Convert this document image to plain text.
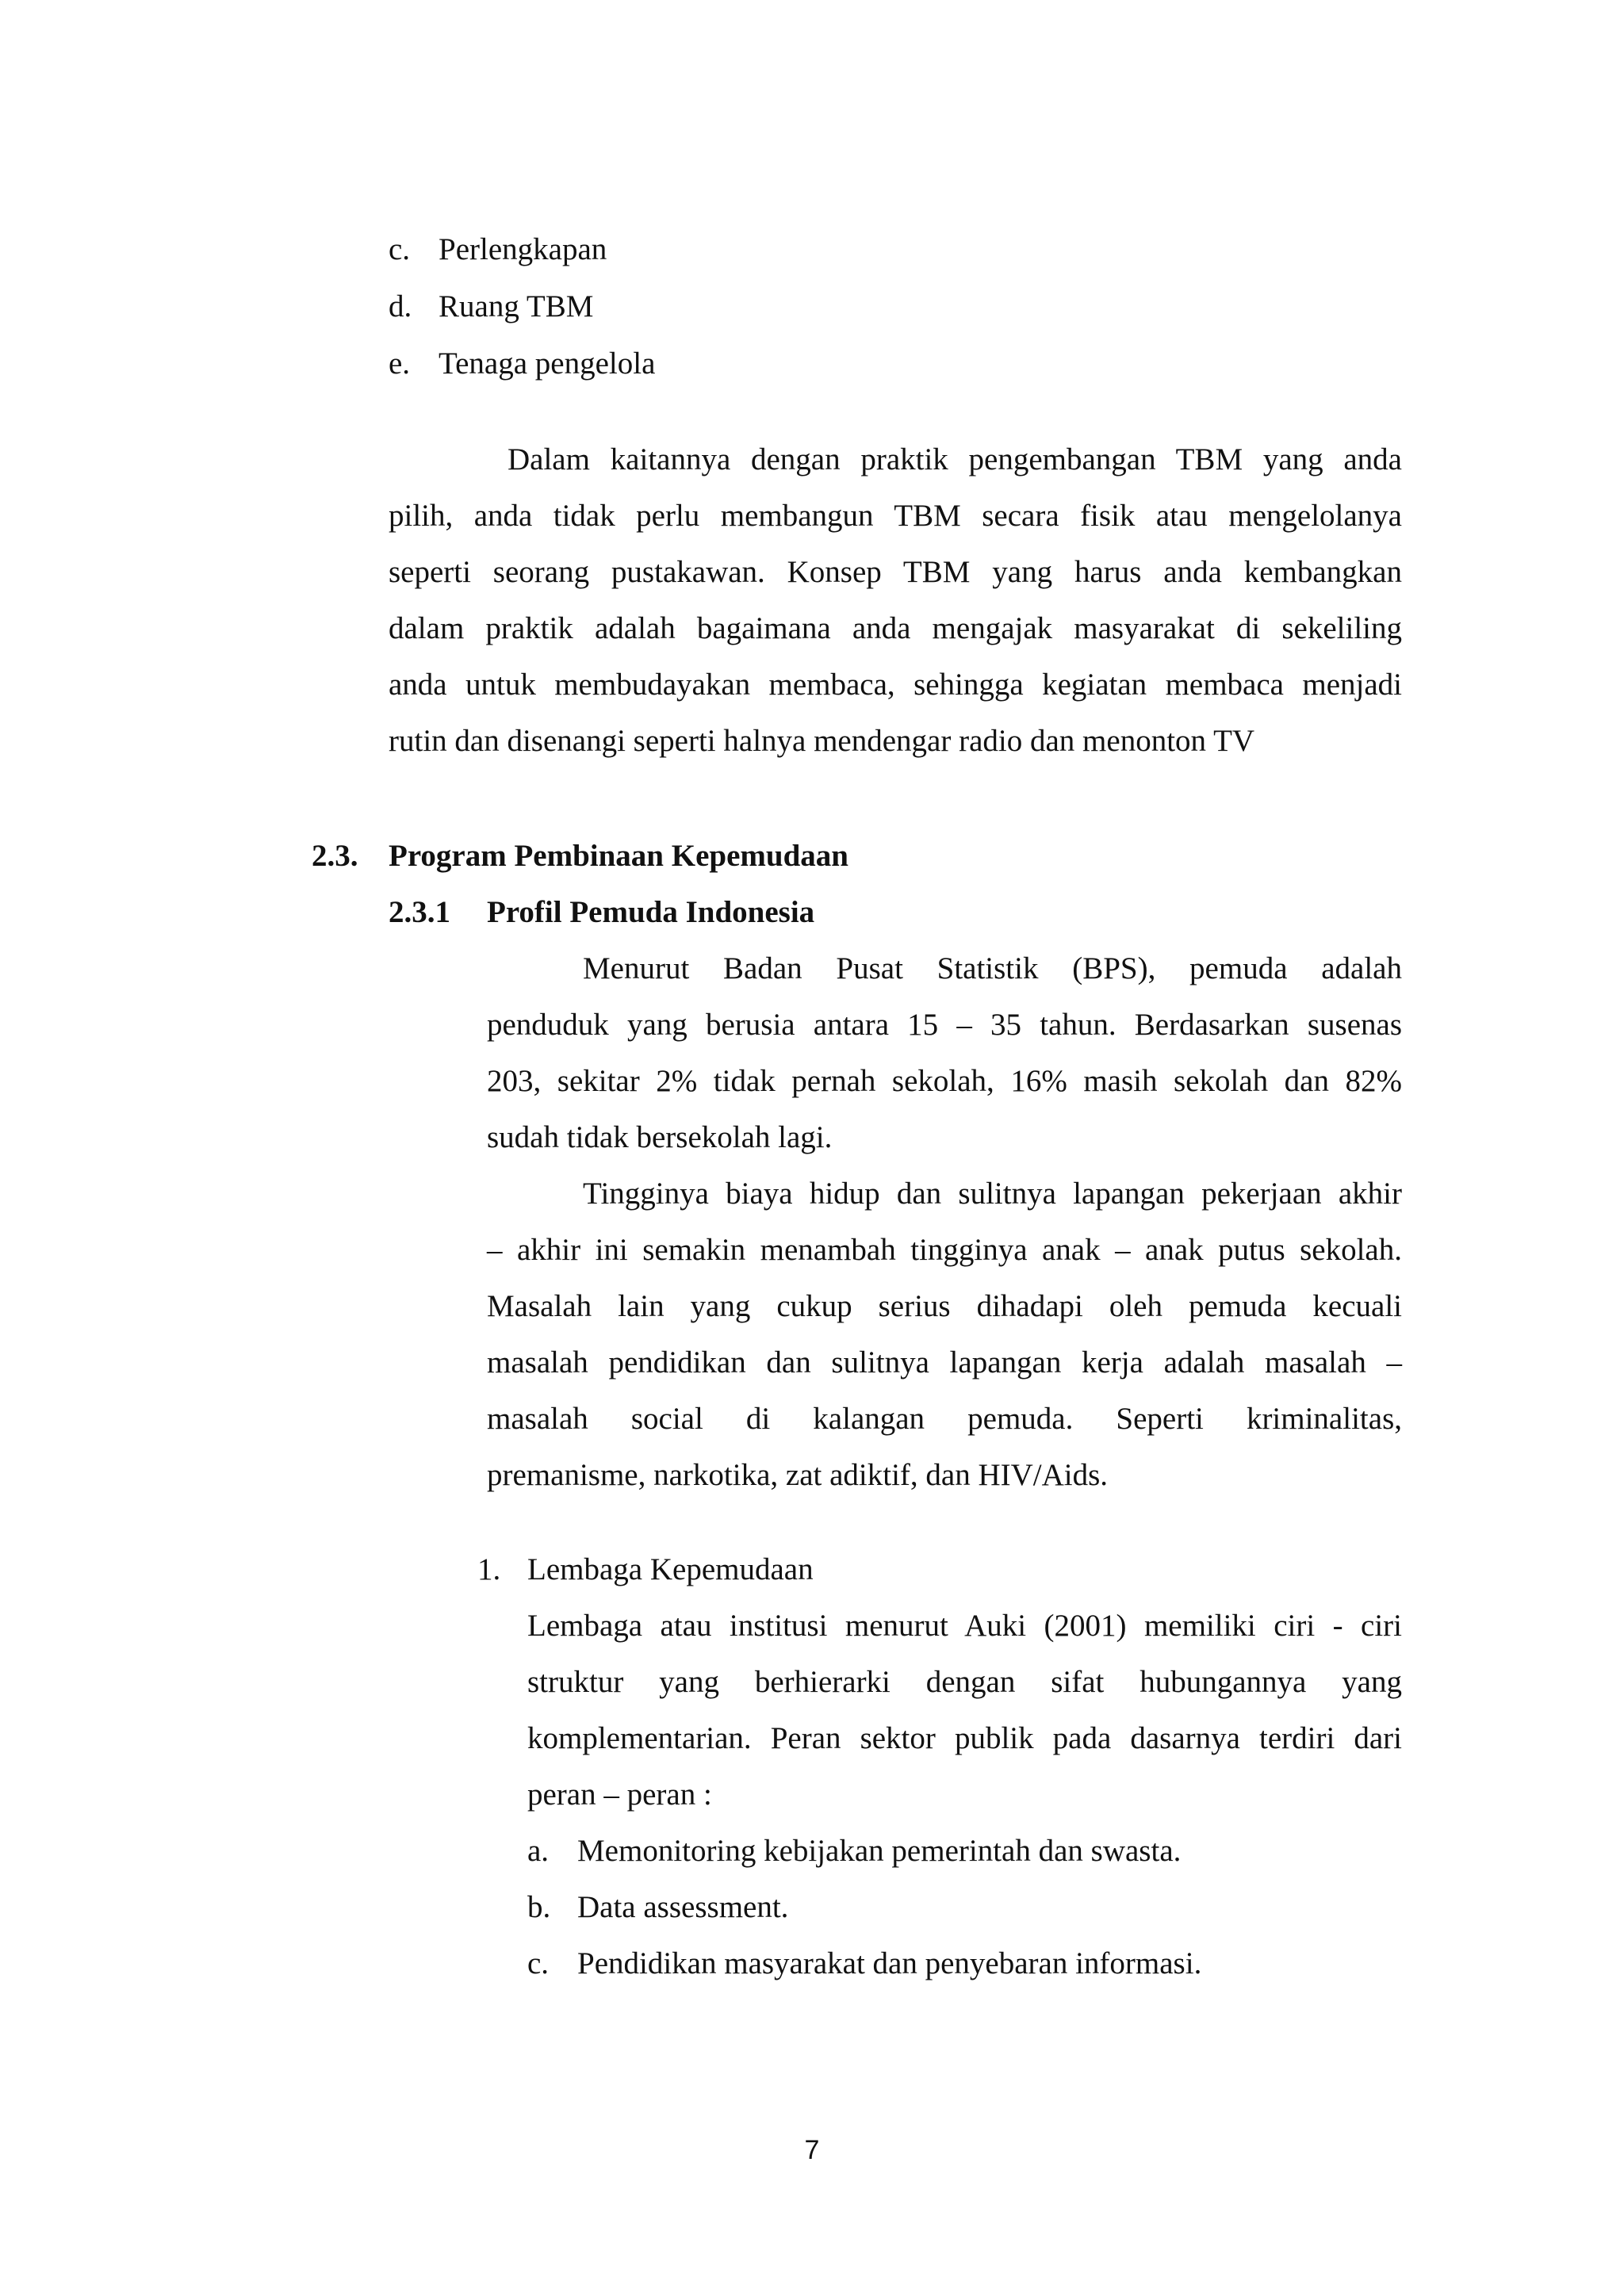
c. Perlengkapan
d. Ruang TBM
e. Tenaga pengelola
Dalam kaitannya dengan praktik pengembangan TBM yang anda
pilih, anda tidak perlu membangun TBM secara fisik atau mengelolanya
seperti seorang pustakawan. Konsep TBM yang harus anda kembangkan
dalam praktik adalah bagaimana anda mengajak masyarakat di sekeliling
anda untuk membudayakan membaca, sehingga kegiatan membaca menjadi
rutin dan disenangi seperti halnya mendengar radio dan menonton TV
2.3. Program Pembinaan Kepemudaan
2.3.1 Profil Pemuda Indonesia
Menurut Badan Pusat Statistik (BPS), pemuda adalah
penduduk yang berusia antara 15 – 35 tahun. Berdasarkan susenas
203, sekitar 2% tidak pernah sekolah, 16% masih sekolah dan 82%
sudah tidak bersekolah lagi.
Tingginya biaya hidup dan sulitnya lapangan pekerjaan akhir
– akhir ini semakin menambah tingginya anak – anak putus sekolah.
Masalah lain yang cukup serius dihadapi oleh pemuda kecuali
masalah pendidikan dan sulitnya lapangan kerja adalah masalah –
masalah social di kalangan pemuda. Seperti kriminalitas,
premanisme, narkotika, zat adiktif, dan HIV/Aids.
1. Lembaga Kepemudaan
Lembaga atau institusi menurut Auki (2001) memiliki ciri - ciri
struktur yang berhierarki dengan sifat hubungannya yang
komplementarian. Peran sektor publik pada dasarnya terdiri dari
peran – peran :
a. Memonitoring kebijakan pemerintah dan swasta.
b. Data assessment.
c. Pendidikan masyarakat dan penyebaran informasi.
7
